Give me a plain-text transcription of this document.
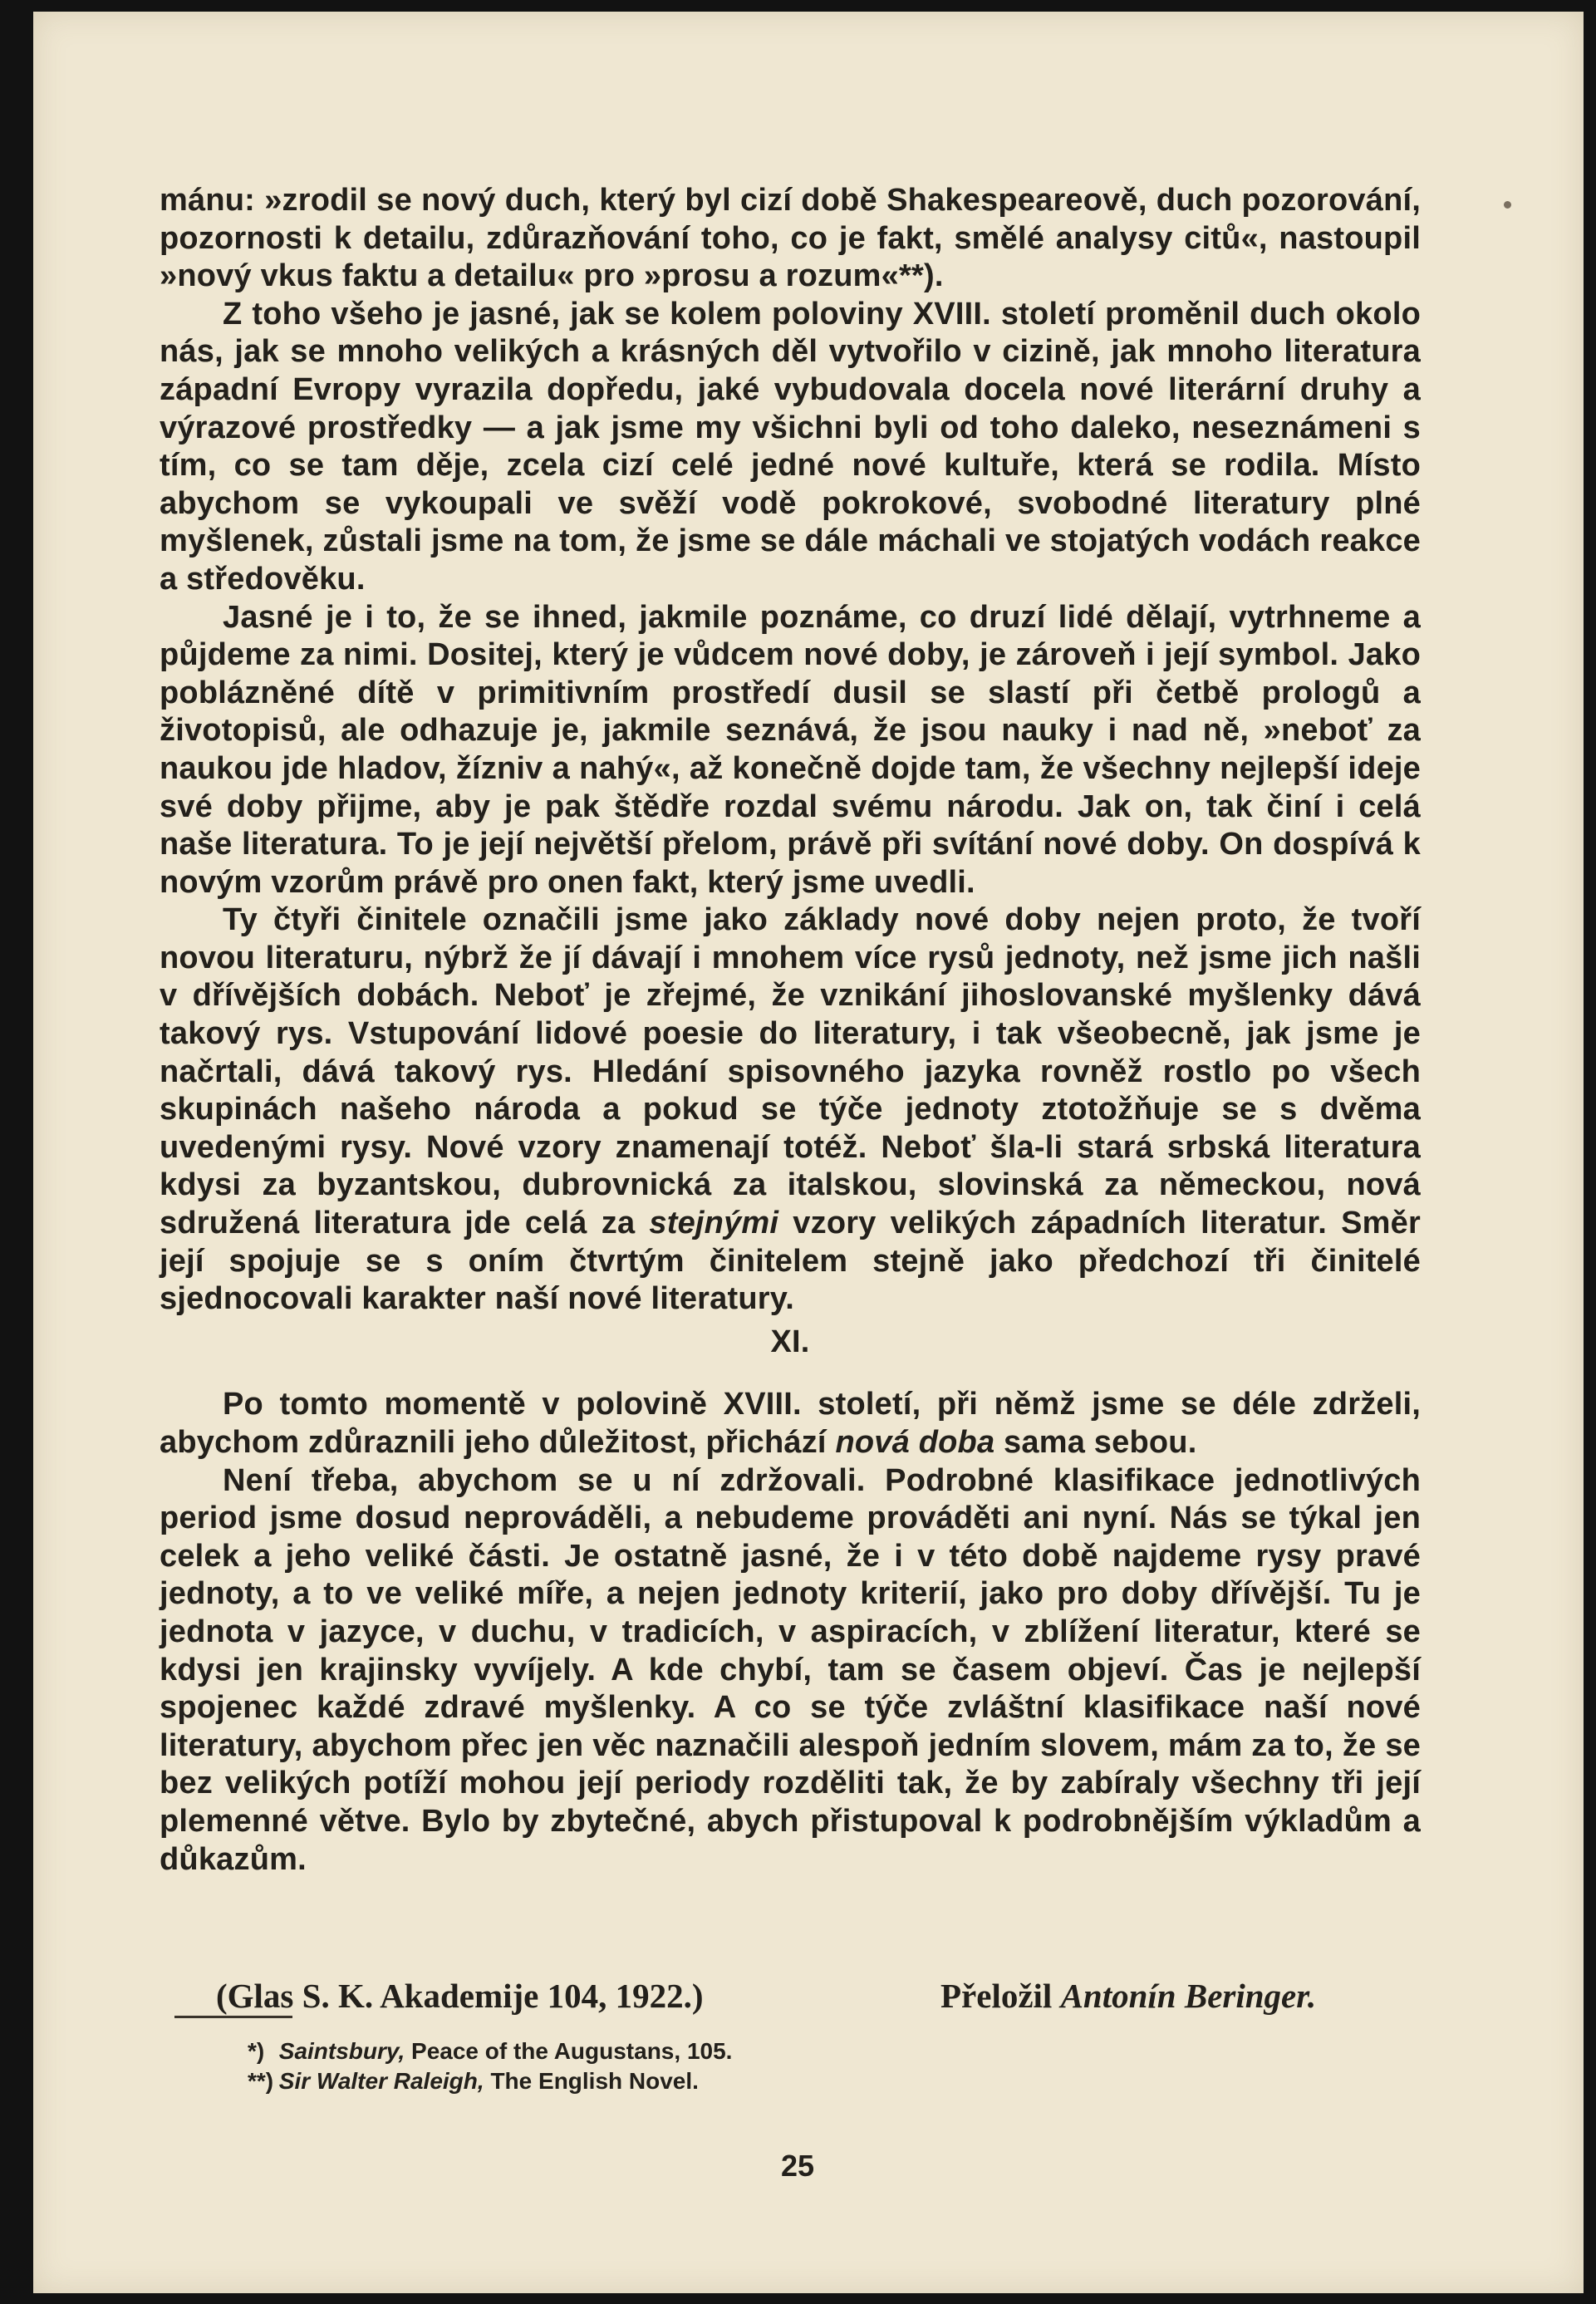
mánu: »zrodil se nový duch, který byl cizí době Shakespeareově, duch pozorování, pozornosti k detailu, zdůrazňování toho, co je fakt, smělé analysy citů«, nastoupil »nový vkus faktu a detailu« pro »prosu a rozum«**).

Z toho všeho je jasné, jak se kolem poloviny XVIII. století proměnil duch okolo nás, jak se mnoho velikých a krásných děl vytvořilo v cizině, jak mnoho literatura západní Evropy vyrazila dopředu, jaké vybudovala docela nové literární druhy a výrazové prostředky — a jak jsme my všichni byli od toho daleko, neseznámeni s tím, co se tam děje, zcela cizí celé jedné nové kultuře, která se rodila. Místo abychom se vykoupali ve svěží vodě pokrokové, svobodné literatury plné myšlenek, zůstali jsme na tom, že jsme se dále máchali ve stojatých vodách reakce a středověku.

Jasné je i to, že se ihned, jakmile poznáme, co druzí lidé dělají, vytrhneme a půjdeme za nimi. Dositej, který je vůdcem nové doby, je zároveň i její symbol. Jako poblázněné dítě v primitivním prostředí dusil se slastí při četbě prologů a životopisů, ale odhazuje je, jakmile seznává, že jsou nauky i nad ně, »neboť za naukou jde hladov, žízniv a nahý«, až konečně dojde tam, že všechny nejlepší ideje své doby přijme, aby je pak štědře rozdal svému národu. Jak on, tak činí i celá naše literatura. To je její největší přelom, právě při svítání nové doby. On dospívá k novým vzorům právě pro onen fakt, který jsme uvedli.

Ty čtyři činitele označili jsme jako základy nové doby nejen proto, že tvoří novou literaturu, nýbrž že jí dávají i mnohem více rysů jednoty, než jsme jich našli v dřívějších dobách. Neboť je zřejmé, že vznikání jihoslovanské myšlenky dává takový rys. Vstupování lidové poesie do literatury, i tak všeobecně, jak jsme je načrtali, dává takový rys. Hledání spisovného jazyka rovněž rostlo po všech skupinách našeho národa a pokud se týče jednoty ztotožňuje se s dvěma uvedenými rysy. Nové vzory znamenají totéž. Neboť šla-li stará srbská literatura kdysi za byzantskou, dubrovnická za italskou, slovinská za německou, nová sdružená literatura jde celá za stejnými vzory velikých západních literatur. Směr její spojuje se s oním čtvrtým činitelem stejně jako předchozí tři činitelé sjednocovali karakter naší nové literatury.

XI.

Po tomto momentě v polovině XVIII. století, při němž jsme se déle zdrželi, abychom zdůraznili jeho důležitost, přichází nová doba sama sebou.

Není třeba, abychom se u ní zdržovali. Podrobné klasifikace jednotlivých period jsme dosud neprováděli, a nebudeme prováděti ani nyní. Nás se týkal jen celek a jeho veliké části. Je ostatně jasné, že i v této době najdeme rysy pravé jednoty, a to ve veliké míře, a nejen jednoty kriterií, jako pro doby dřívější. Tu je jednota v jazyce, v duchu, v tradicích, v aspiracích, v zblížení literatur, které se kdysi jen krajinsky vyvíjely. A kde chybí, tam se časem objeví. Čas je nejlepší spojenec každé zdravé myšlenky. A co se týče zvláštní klasifikace naší nové literatury, abychom přec jen věc naznačili alespoň jedním slovem, mám za to, že se bez velikých potíží mohou její periody rozděliti tak, že by zabíraly všechny tři její plemenné větve. Bylo by zbytečné, abych přistupoval k podrobnějším výkladům a důkazům.

(Glas S. K. Akademije 104, 1922.)	Přeložil Antonín Beringer.
*) Saintsbury, Peace of the Augustans, 105.
**) Sir Walter Raleigh, The English Novel.
25
